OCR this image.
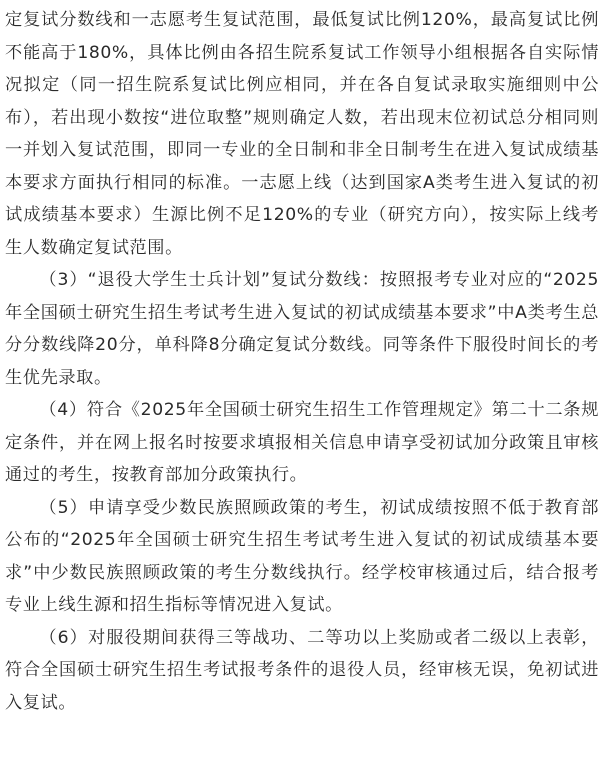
定复试分数线和一志愿考生复试范围，最低复试比例120%，最高复试比例不能高于180%，具体比例由各招生院系复试工作领导小组根据各自实际情况拟定（同一招生院系复试比例应相同，并在各自复试录取实施细则中公布），若出现小数按“进位取整”规则确定人数，若出现末位初试总分相同则一并划入复试范围，即同一专业的全日制和非全日制考生在进入复试成绩基本要求方面执行相同的标准。一志愿上线（达到国家A类考生进入复试的初试成绩基本要求）生源比例不足120%的专业（研究方向），按实际上线考生人数确定复试范围。

（3）“退役大学生士兵计划”复试分数线：按照报考专业对应的“2025年全国硕士研究生招生考试考生进入复试的初试成绩基本要求”中A类考生总分分数线降20分，单科降8分确定复试分数线。同等条件下服役时间长的考生优先录取。

（4）符合《2025年全国硕士研究生招生工作管理规定》第二十二条规定条件，并在网上报名时按要求填报相关信息申请享受初试加分政策且审核通过的考生，按教育部加分政策执行。

（5）申请享受少数民族照顾政策的考生，初试成绩按照不低于教育部公布的“2025年全国硕士研究生招生考试考生进入复试的初试成绩基本要求”中少数民族照顾政策的考生分数线执行。经学校审核通过后，结合报考专业上线生源和招生指标等情况进入复试。

（6）对服役期间获得三等战功、二等功以上奖励或者二级以上表彰，符合全国硕士研究生招生考试报考条件的退役人员，经审核无误，免初试进入复试。
